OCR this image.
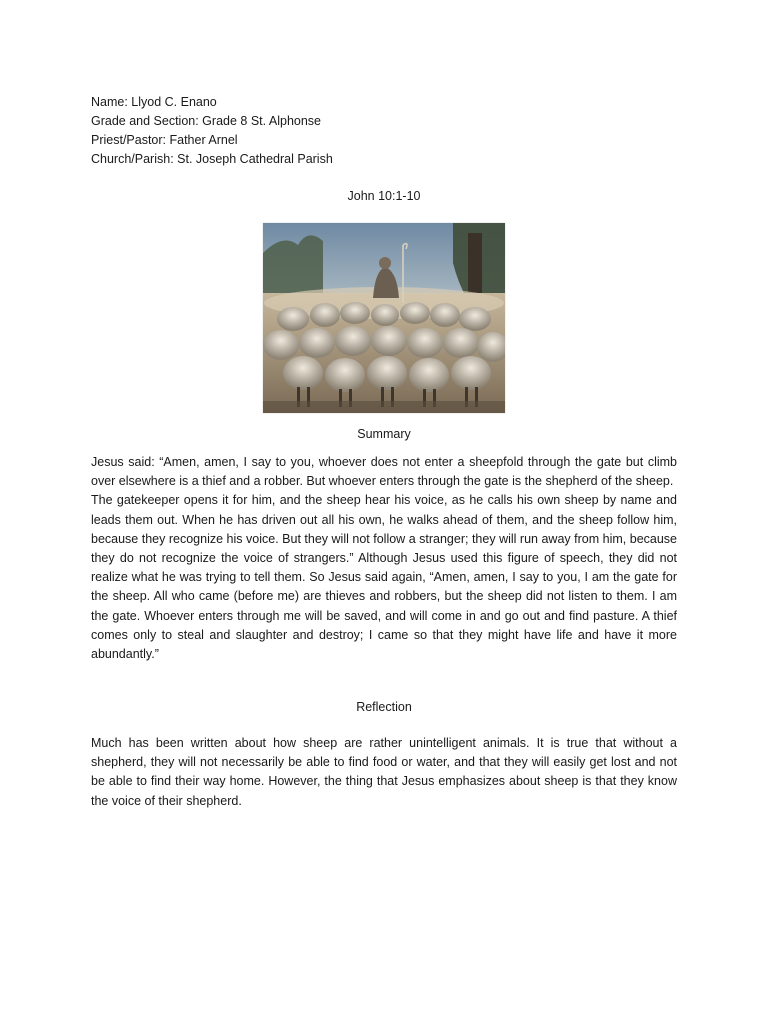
Name: Llyod C. Enano
Grade and Section: Grade 8 St. Alphonse
Priest/Pastor: Father Arnel
Church/Parish: St. Joseph Cathedral Parish
John 10:1-10
Summary

Jesus said: “Amen, amen, I say to you, whoever does not enter a sheepfold through the gate but climb over elsewhere is a thief and a robber. But whoever enters through the gate is the shepherd of the sheep.

The gatekeeper opens it for him, and the sheep hear his voice, as he calls his own sheep by name and leads them out. When he has driven out all his own, he walks ahead of them, and the sheep follow him, because they recognize his voice. But they will not follow a stranger; they will run away from him, because they do not recognize the voice of strangers.” Although Jesus used this figure of speech, they did not realize what he was trying to tell them. So Jesus said again, “Amen, amen, I say to you, I am the gate for the sheep. All who came (before me) are thieves and robbers, but the sheep did not listen to them. I am the gate. Whoever enters through me will be saved, and will come in and go out and find pasture. A thief comes only to steal and slaughter and destroy; I came so that they might have life and have it more abundantly.”

Reflection

Much has been written about how sheep are rather unintelligent animals. It is true that without a shepherd, they will not necessarily be able to find food or water, and that they will easily get lost and not be able to find their way home. However, the thing that Jesus emphasizes about sheep is that they know the voice of their shepherd.
